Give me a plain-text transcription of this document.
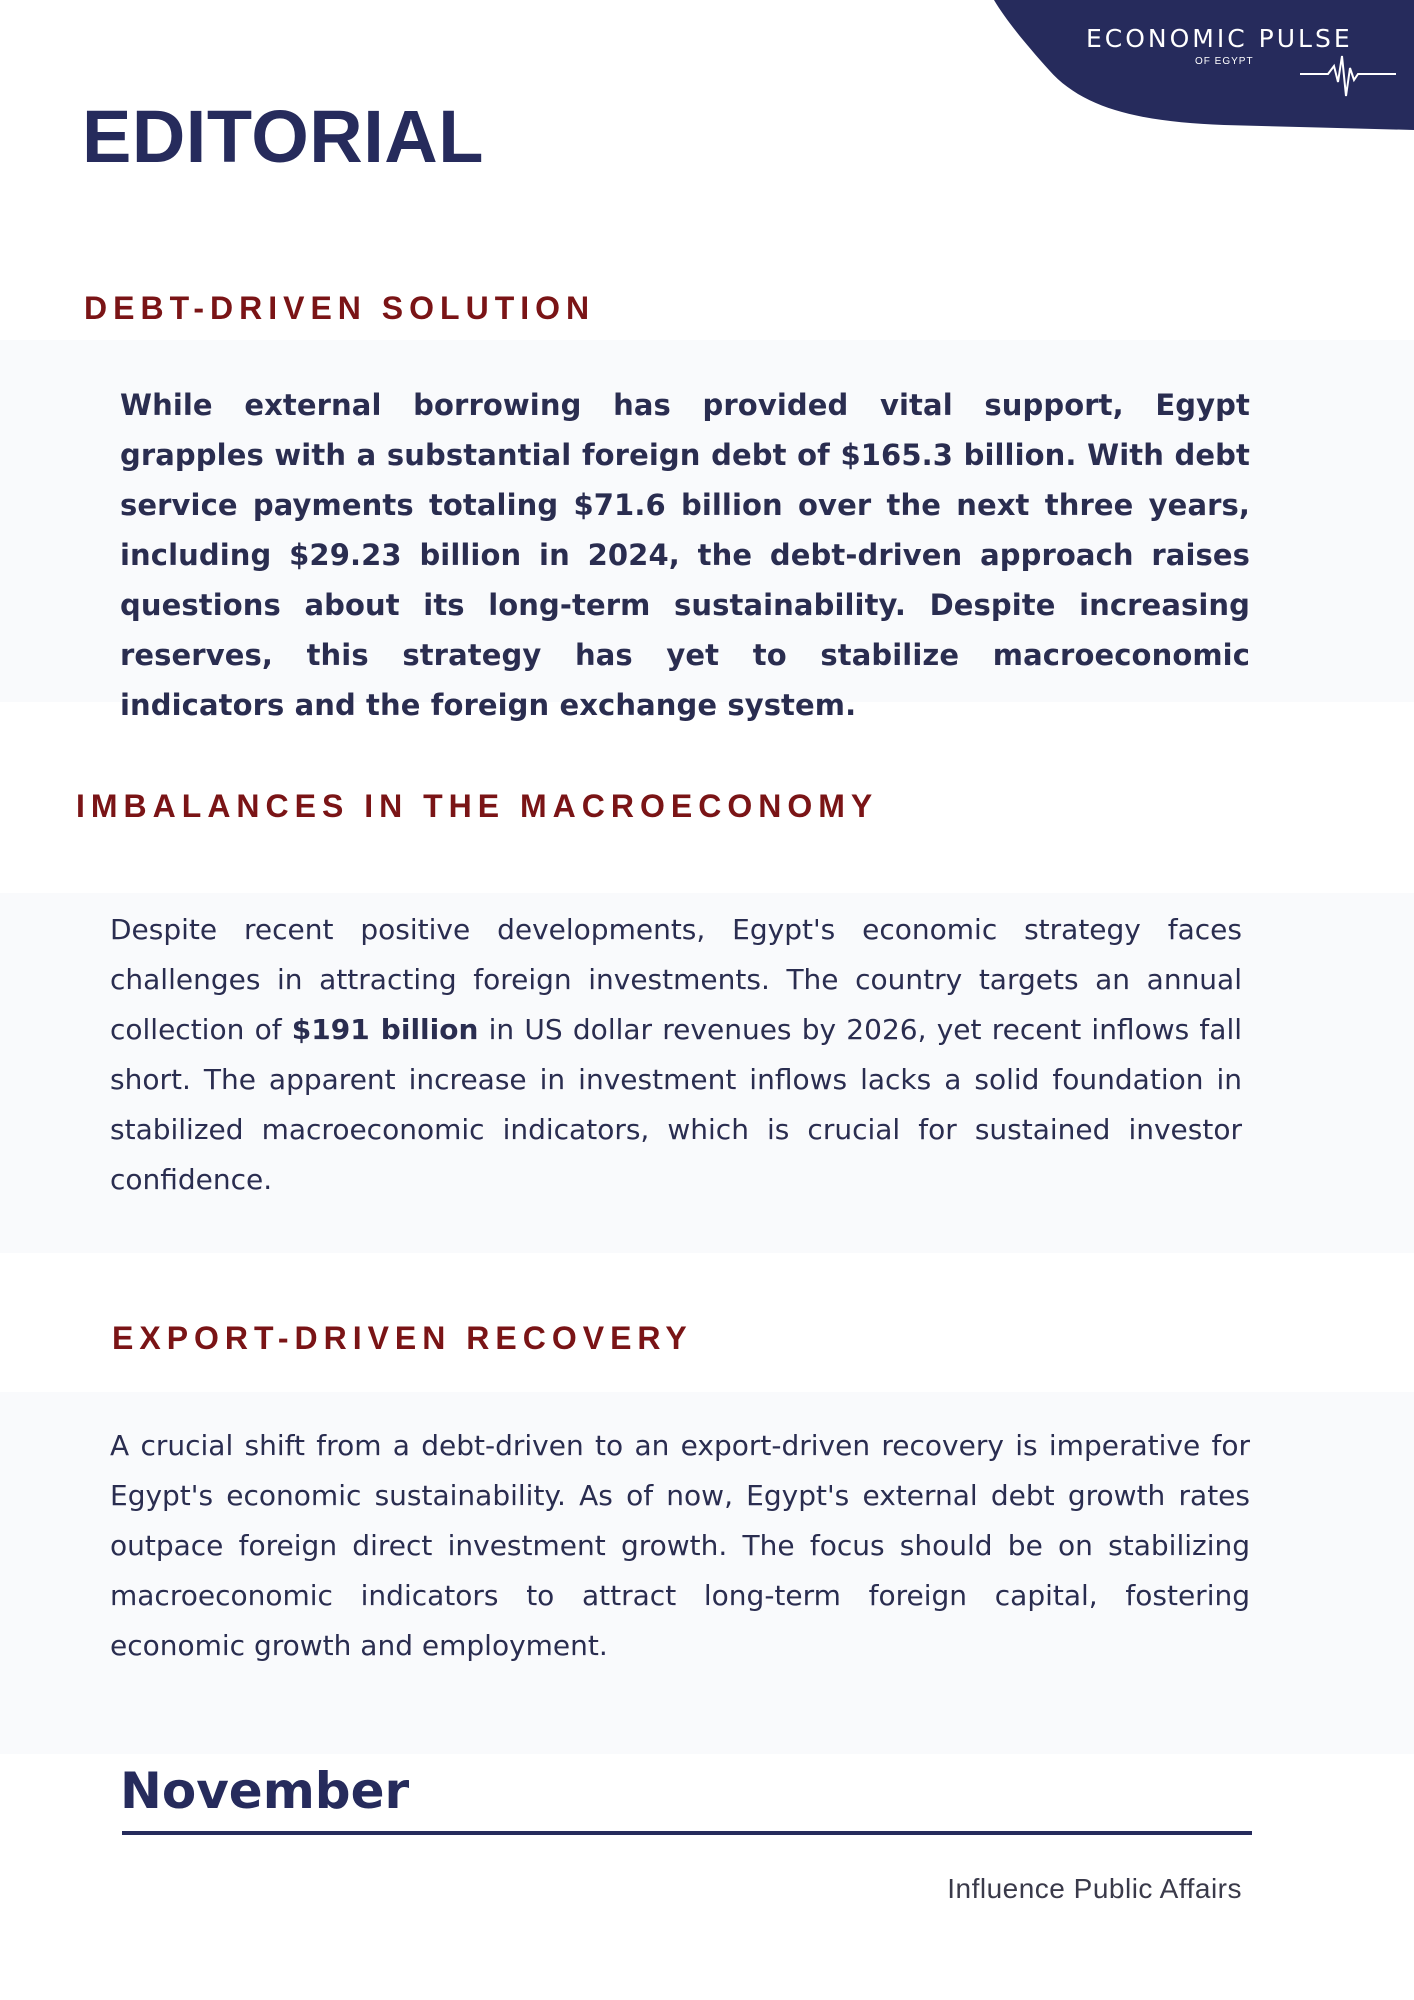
ECONOMIC PULSE
OF EGYPT
EDITORIAL
DEBT-DRIVEN SOLUTION

While external borrowing has provided vital support, Egypt grapples with a substantial foreign debt of $165.3 billion. With debt service payments totaling $71.6 billion over the next three years, including $29.23 billion in 2024, the debt-driven approach raises questions about its long-term sustainability. Despite increasing reserves, this strategy has yet to stabilize macroeconomic indicators and the foreign exchange system.

IMBALANCES IN THE MACROECONOMY

Despite recent positive developments, Egypt's economic strategy faces challenges in attracting foreign investments. The country targets an annual collection of $191 billion in US dollar revenues by 2026, yet recent inflows fall short. The apparent increase in investment inflows lacks a solid foundation in stabilized macroeconomic indicators, which is crucial for sustained investor confidence.

EXPORT-DRIVEN RECOVERY

A crucial shift from a debt-driven to an export-driven recovery is imperative for Egypt's economic sustainability. As of now, Egypt's external debt growth rates outpace foreign direct investment growth. The focus should be on stabilizing macroeconomic indicators to attract long-term foreign capital, fostering economic growth and employment.

November
Influence Public Affairs
